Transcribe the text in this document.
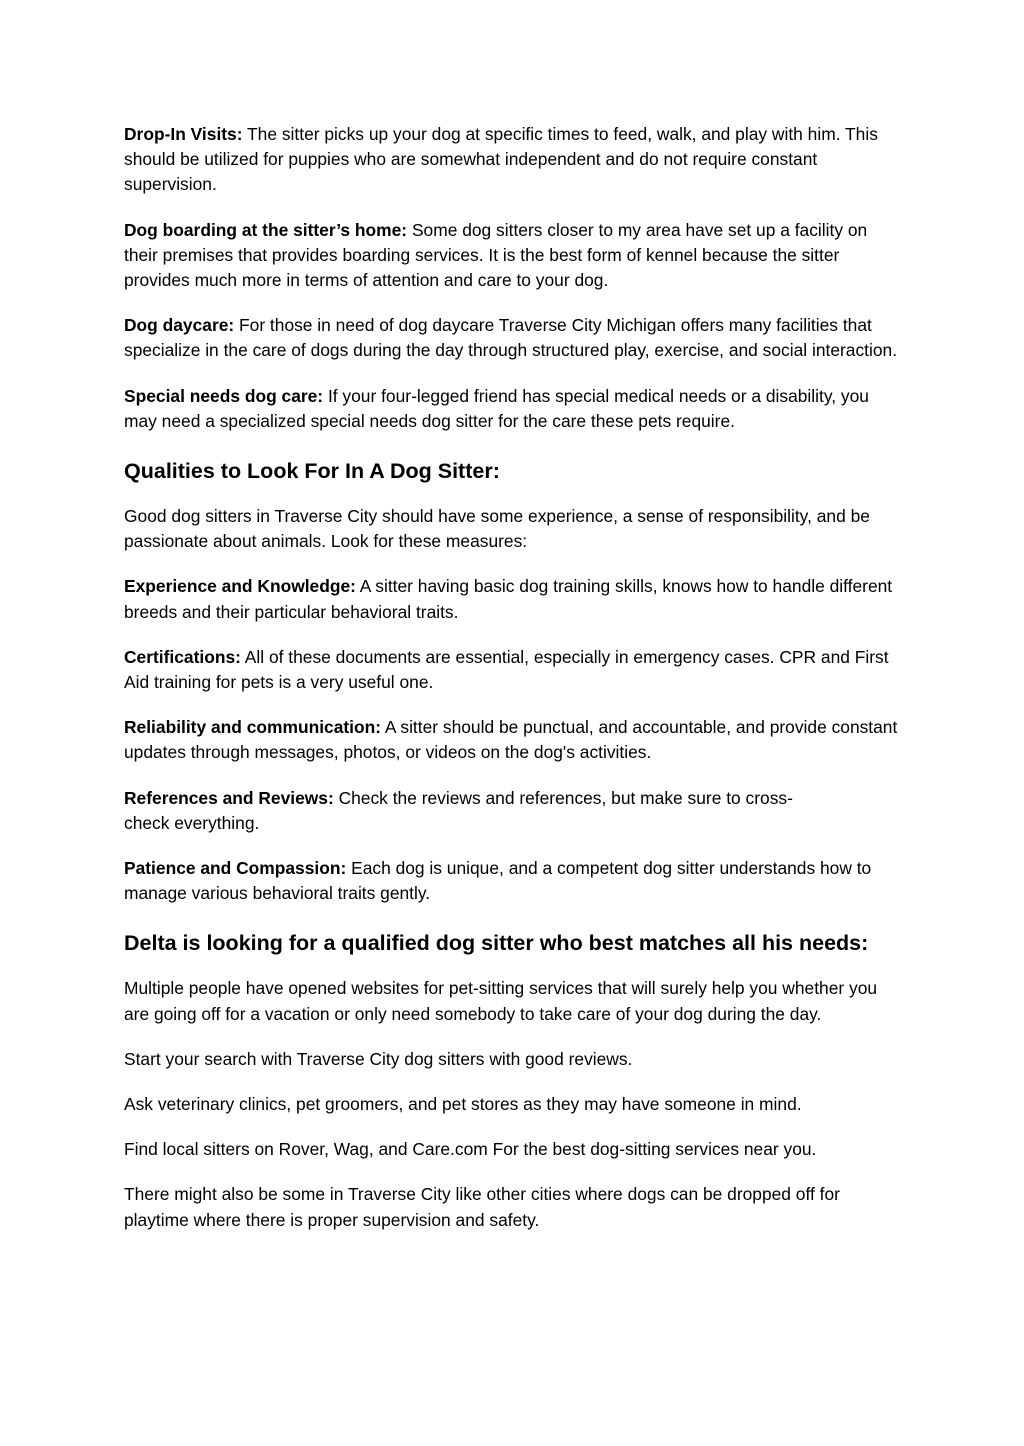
Drop-In Visits: The sitter picks up your dog at specific times to feed, walk, and play with him. This should be utilized for puppies who are somewhat independent and do not require constant supervision.

Dog boarding at the sitter’s home: Some dog sitters closer to my area have set up a facility on their premises that provides boarding services. It is the best form of kennel because the sitter provides much more in terms of attention and care to your dog.

Dog daycare: For those in need of dog daycare Traverse City Michigan offers many facilities that specialize in the care of dogs during the day through structured play, exercise, and social interaction.

Special needs dog care: If your four-legged friend has special medical needs or a disability, you may need a specialized special needs dog sitter for the care these pets require.

Qualities to Look For In A Dog Sitter:

Good dog sitters in Traverse City should have some experience, a sense of responsibility, and be passionate about animals. Look for these measures:

Experience and Knowledge: A sitter having basic dog training skills, knows how to handle different breeds and their particular behavioral traits.

Certifications: All of these documents are essential, especially in emergency cases. CPR and First Aid training for pets is a very useful one.

Reliability and communication: A sitter should be punctual, and accountable, and provide constant updates through messages, photos, or videos on the dog's activities.

References and Reviews: Check the reviews and references, but make sure to cross-check everything.

Patience and Compassion: Each dog is unique, and a competent dog sitter understands how to manage various behavioral traits gently.

Delta is looking for a qualified dog sitter who best matches all his needs:

Multiple people have opened websites for pet-sitting services that will surely help you whether you are going off for a vacation or only need somebody to take care of your dog during the day.

Start your search with Traverse City dog sitters with good reviews.

Ask veterinary clinics, pet groomers, and pet stores as they may have someone in mind.

Find local sitters on Rover, Wag, and Care.com For the best dog-sitting services near you.

There might also be some in Traverse City like other cities where dogs can be dropped off for playtime where there is proper supervision and safety.
